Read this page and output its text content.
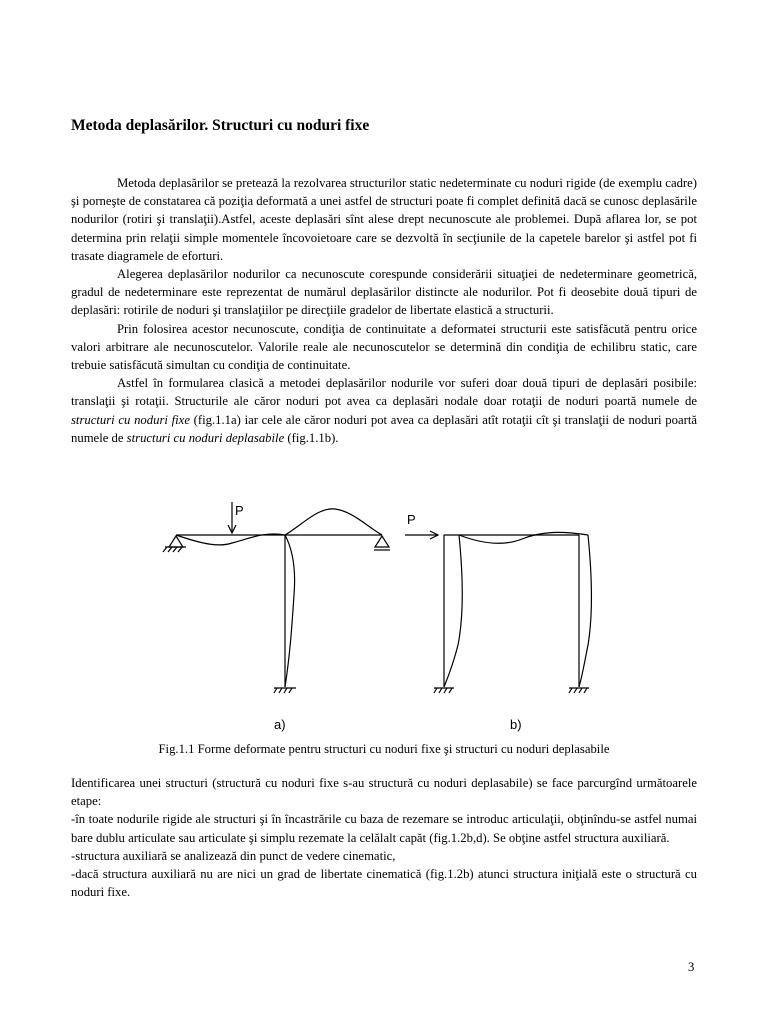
Metoda deplasărilor. Structuri cu noduri fixe

Metoda deplasărilor se pretează la rezolvarea structurilor static nedeterminate cu noduri rigide (de exemplu cadre) şi porneşte de constatarea că poziţia deformată a unei astfel de structuri poate fi complet definită dacă se cunosc deplasările nodurilor (rotiri şi translaţii).Astfel, aceste deplasări sînt alese drept necunoscute ale problemei. După aflarea lor, se pot determina prin relaţii simple momentele încovoietoare care se dezvoltă în secţiunile de la capetele barelor şi astfel pot fi trasate diagramele de eforturi.

Alegerea deplasărilor nodurilor ca necunoscute corespunde considerării situaţiei de nedeterminare geometrică, gradul de nedeterminare este reprezentat de numărul deplasărilor distincte ale nodurilor. Pot fi deosebite două tipuri de deplasări: rotirile de noduri şi translaţiilor pe direcţiile gradelor de libertate elastică a structurii.

Prin folosirea acestor necunoscute, condiţia de continuitate a deformatei structurii este satisfăcută pentru orice valori arbitrare ale necunoscutelor. Valorile reale ale necunoscutelor se determină din condiţia de echilibru static, care trebuie satisfăcută simultan cu condiţia de continuitate.

Astfel în formularea clasică a metodei deplasărilor nodurile vor suferi doar două tipuri de deplasări posibile: translaţii şi rotaţii. Structurile ale căror noduri pot avea ca deplasări nodale doar rotaţii de noduri poartă numele de structuri cu noduri fixe (fig.1.1a) iar cele ale căror noduri pot avea ca deplasări atît rotaţii cît şi translaţii de noduri poartă numele de structuri cu noduri deplasabile (fig.1.1b).

P
P
a)	b)
Fig.1.1 Forme deformate pentru structuri cu noduri fixe şi structuri cu noduri deplasabile

Identificarea unei structuri (structură cu noduri fixe s-au structură cu noduri deplasabile) se face parcurgînd următoarele etape:

-în toate nodurile rigide ale structuri şi în încastrările cu baza de rezemare se introduc articulaţii, obţinîndu-se astfel numai bare dublu articulate sau articulate şi simplu rezemate la celălalt capăt (fig.1.2b,d). Se obţine astfel structura auxiliară.

-structura auxiliară se analizează din punct de vedere cinematic,

-dacă structura auxiliară nu are nici un grad de libertate cinematică (fig.1.2b) atunci structura iniţială este o structură cu noduri fixe.

3
